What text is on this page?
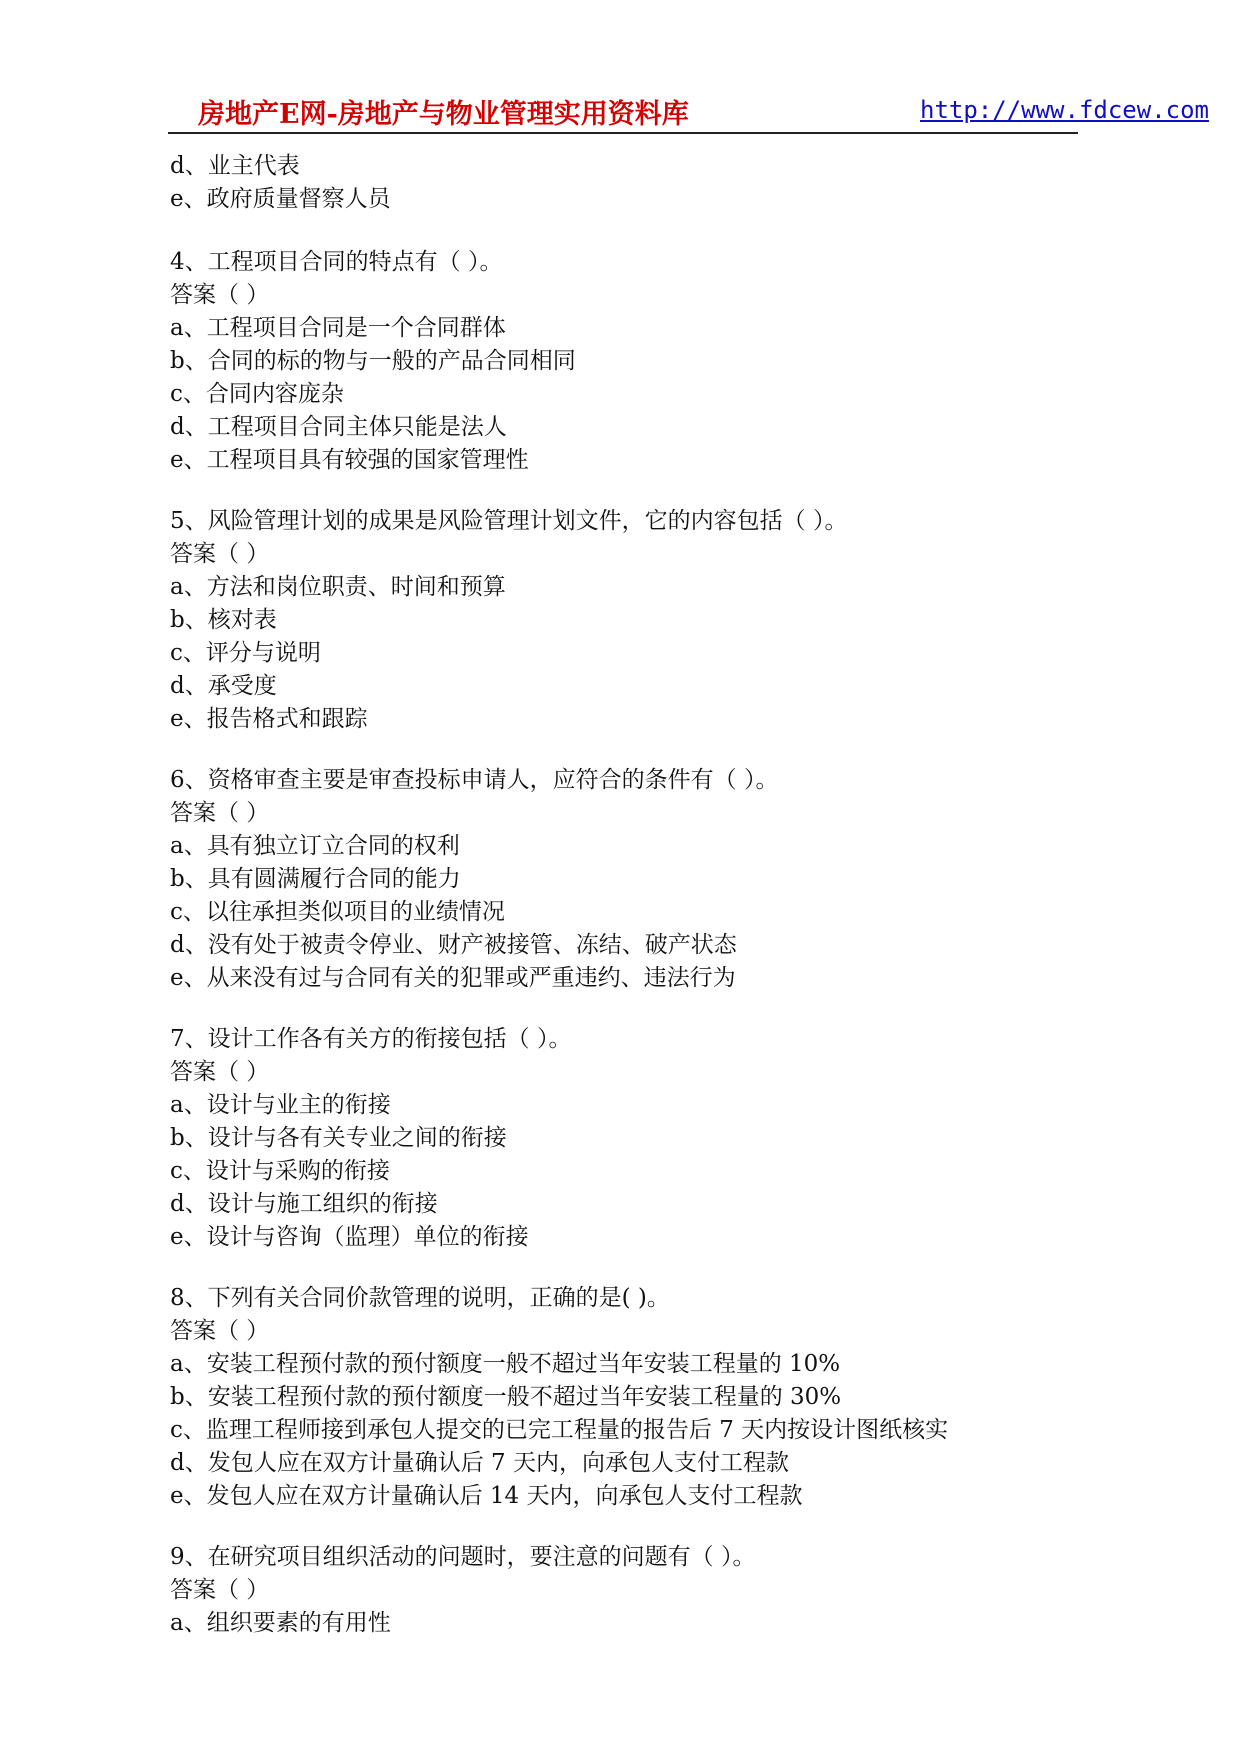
房地产E网-房地产与物业管理实用资料库	http://www.fdcew.com
d、业主代表
e、政府质量督察人员
4、工程项目合同的特点有（ ）。
答案（ ）
a、工程项目合同是一个合同群体
b、合同的标的物与一般的产品合同相同
c、合同内容庞杂
d、工程项目合同主体只能是法人
e、工程项目具有较强的国家管理性
5、风险管理计划的成果是风险管理计划文件，它的内容包括（ ）。
答案（ ）
a、方法和岗位职责、时间和预算
b、核对表
c、评分与说明
d、承受度
e、报告格式和跟踪
6、资格审查主要是审查投标申请人，应符合的条件有（ ）。
答案（ ）
a、具有独立订立合同的权利
b、具有圆满履行合同的能力
c、以往承担类似项目的业绩情况
d、没有处于被责令停业、财产被接管、冻结、破产状态
e、从来没有过与合同有关的犯罪或严重违约、违法行为
7、设计工作各有关方的衔接包括（ ）。
答案（ ）
a、设计与业主的衔接
b、设计与各有关专业之间的衔接
c、设计与采购的衔接
d、设计与施工组织的衔接
e、设计与咨询（监理）单位的衔接
8、下列有关合同价款管理的说明，正确的是( )。
答案（ ）
a、安装工程预付款的预付额度一般不超过当年安装工程量的 10%
b、安装工程预付款的预付额度一般不超过当年安装工程量的 30%
c、监理工程师接到承包人提交的已完工程量的报告后 7 天内按设计图纸核实
d、发包人应在双方计量确认后 7 天内，向承包人支付工程款
e、发包人应在双方计量确认后 14 天内，向承包人支付工程款
9、在研究项目组织活动的问题时，要注意的问题有（ ）。
答案（ ）
a、组织要素的有用性
